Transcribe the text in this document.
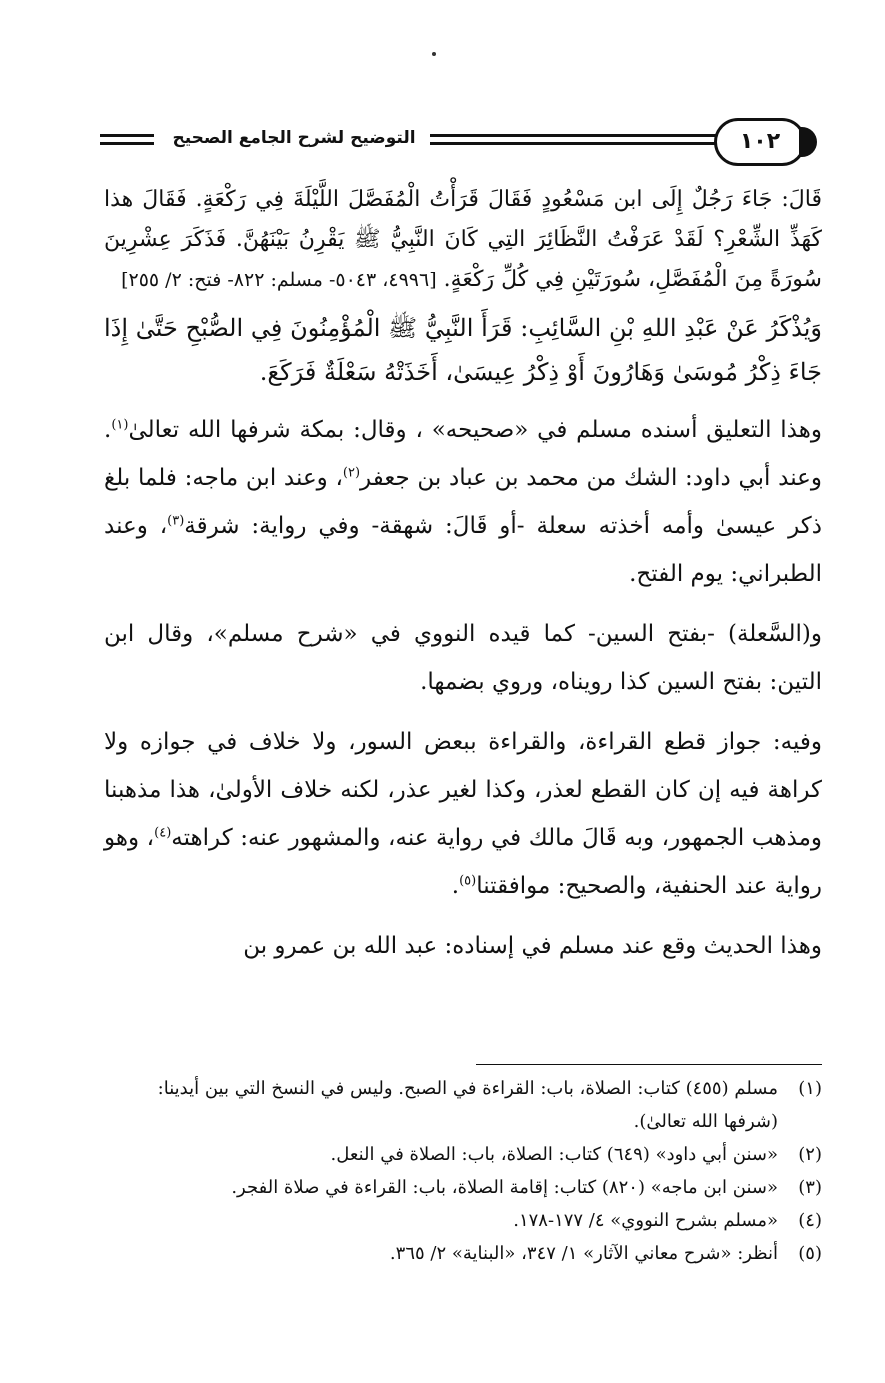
التوضيح لشرح الجامع الصحيح	١٠٢

قَالَ: جَاءَ رَجُلٌ إِلَى ابن مَسْعُودٍ فَقَالَ قَرَأْتُ الْمُفَصَّلَ اللَّيْلَةَ فِي رَكْعَةٍ. فَقَالَ هذا كَهَذِّ الشِّعْرِ؟ لَقَدْ عَرَفْتُ النَّظَائِرَ التِي كَانَ النَّبِيُّ ﷺ يَقْرِنُ بَيْنَهُنَّ. فَذَكَرَ عِشْرِينَ سُورَةً مِنَ الْمُفَصَّلِ، سُورَتَيْنِ فِي كُلِّ رَكْعَةٍ. [٤٩٩٦، ٥٠٤٣- مسلم: ٨٢٢- فتح: ٢/ ٢٥٥]

وَيُذْكَرُ عَنْ عَبْدِ اللهِ بْنِ السَّائِبِ: قَرَأَ النَّبِيُّ ﷺ الْمُؤْمِنُونَ فِي الصُّبْحِ حَتَّىٰ إِذَا جَاءَ ذِكْرُ مُوسَىٰ وَهَارُونَ أَوْ ذِكْرُ عِيسَىٰ، أَخَذَتْهُ سَعْلَةٌ فَرَكَعَ.

وهذا التعليق أسنده مسلم في «صحيحه» ، وقال: بمكة شرفها الله تعالىٰ$^{(١)}$. وعند أبي داود: الشك من محمد بن عباد بن جعفر$^{(٢)}$، وعند ابن ماجه: فلما بلغ ذكر عيسىٰ وأمه أخذته سعلة -أو قَالَ: شهقة- وفي رواية: شرقة$^{(٣)}$، وعند الطبراني: يوم الفتح.

و(السَّعلة) -بفتح السين- كما قيده النووي في «شرح مسلم»، وقال ابن التين: بفتح السين كذا رويناه، وروي بضمها.

وفيه: جواز قطع القراءة، والقراءة ببعض السور، ولا خلاف في جوازه ولا كراهة فيه إن كان القطع لعذر، وكذا لغير عذر، لكنه خلاف الأولىٰ، هذا مذهبنا ومذهب الجمهور، وبه قَالَ مالك في رواية عنه، والمشهور عنه: كراهته$^{(٤)}$، وهو رواية عند الحنفية، والصحيح: موافقتنا$^{(٥)}$.

وهذا الحديث وقع عند مسلم في إسناده: عبد الله بن عمرو بن

(١)
مسلم (٤٥٥) كتاب: الصلاة، باب: القراءة في الصبح. وليس في النسخ التي بين أيدينا: (شرفها الله تعالىٰ).
(٢)
«سنن أبي داود» (٦٤٩) كتاب: الصلاة، باب: الصلاة في النعل.
(٣)
«سنن ابن ماجه» (٨٢٠) كتاب: إقامة الصلاة، باب: القراءة في صلاة الفجر.
(٤)
«مسلم بشرح النووي» ٤/ ١٧٧-١٧٨.
(٥)
أنظر: «شرح معاني الآثار» ١/ ٣٤٧، «البناية» ٢/ ٣٦٥.
